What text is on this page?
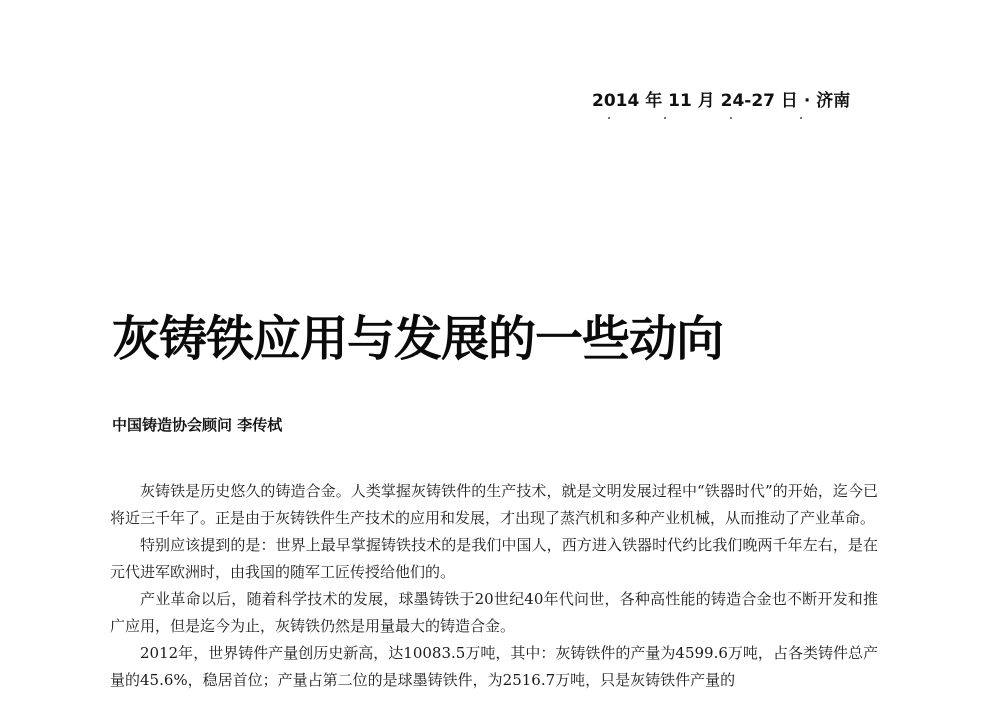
2014 年 11 月 24-27 日 · 济南
灰铸铁应用与发展的一些动向
中国铸造协会顾问 李传栻

灰铸铁是历史悠久的铸造合金。人类掌握灰铸铁件的生产技术，就是文明发展过程中“铁器时代”的开始，迄今已将近三千年了。正是由于灰铸铁件生产技术的应用和发展，才出现了蒸汽机和多种产业机械，从而推动了产业革命。

特别应该提到的是：世界上最早掌握铸铁技术的是我们中国人，西方进入铁器时代约比我们晚两千年左右，是在元代进军欧洲时，由我国的随军工匠传授给他们的。

产业革命以后，随着科学技术的发展，球墨铸铁于20世纪40年代问世，各种高性能的铸造合金也不断开发和推广应用，但是迄今为止，灰铸铁仍然是用量最大的铸造合金。

2012年，世界铸件产量创历史新高，达10083.5万吨，其中：灰铸铁件的产量为4599.6万吨，占各类铸件总产量的45.6%，稳居首位；产量占第二位的是球墨铸铁件，为2516.7万吨，只是灰铸铁件产量的
